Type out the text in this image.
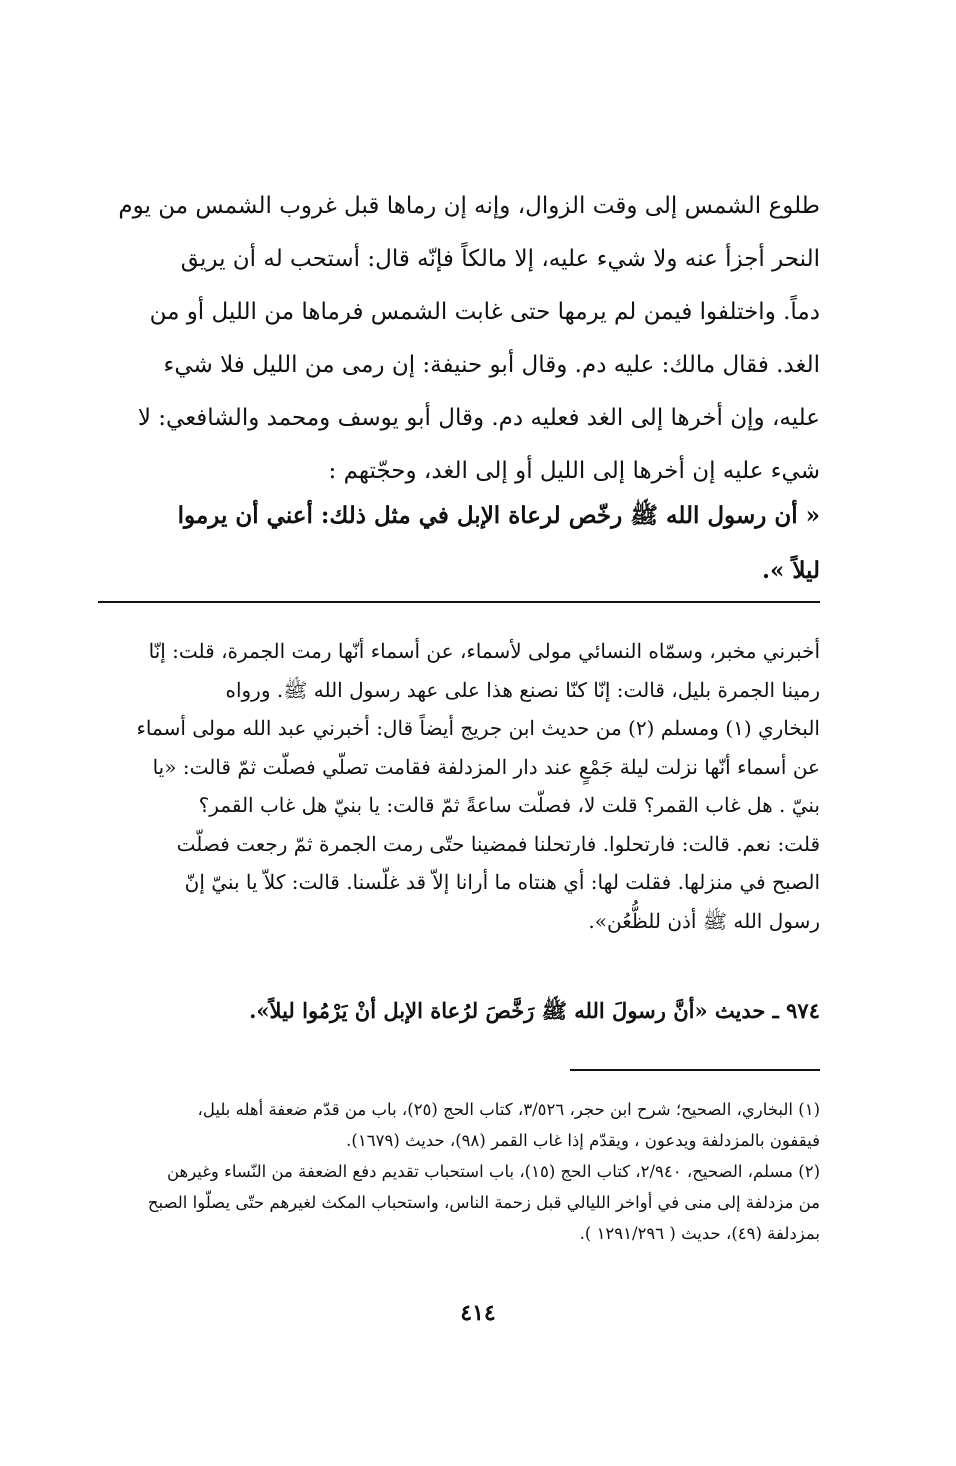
طلوع الشمس إلى وقت الزوال، وإنه إن رماها قبل غروب الشمس من يوم

النحر أجزأ عنه ولا شيء عليه، إلا مالكاً فإنّه قال: أستحب له أن يريق

دماً. واختلفوا فيمن لم يرمها حتى غابت الشمس فرماها من الليل أو من

الغد. فقال مالك: عليه دم. وقال أبو حنيفة: إن رمى من الليل فلا شيء

عليه، وإن أخرها إلى الغد فعليه دم. وقال أبو يوسف ومحمد والشافعي: لا

شيء عليه إن أخرها إلى الليل أو إلى الغد، وحجّتهم :

« أن رسول الله ﷺ رخّص لرعاة الإبل في مثل ذلك: أعني أن يرموا

ليلاً ».

أخبرني مخبر، وسمّاه النسائي مولى لأسماء، عن أسماء أنّها رمت الجمرة، قلت: إنّا

رمينا الجمرة بليل، قالت: إنّا كنّا نصنع هذا على عهد رسول الله ﷺ. ورواه

البخاري (١) ومسلم (٢) من حديث ابن جريج أيضاً قال: أخبرني عبد الله مولى أسماء

عن أسماء أنّها نزلت ليلة جَمْعٍ عند دار المزدلفة فقامت تصلّي فصلّت ثمّ قالت: «يا

بنيّ . هل غاب القمر؟ قلت لا، فصلّت ساعةً ثمّ قالت: يا بنيّ هل غاب القمر؟

قلت: نعم. قالت: فارتحلوا. فارتحلنا فمضينا حتّى رمت الجمرة ثمّ رجعت فصلّت

الصبح في منزلها. فقلت لها: أي هنتاه ما أرانا إلاّ قد غلّسنا. قالت: كلاّ يا بنيّ إنّ

رسول الله ﷺ أذن للظُّعُن».

٩٧٤ ـ حديث «أنَّ رسولَ الله ﷺ رَخَّصَ لرُعاة الإبل أنْ يَرْمُوا ليلاً».

(١) البخاري، الصحيح؛ شرح ابن حجر، ٣/٥٢٦، كتاب الحج (٢٥)، باب من قدّم ضعفة أهله بليل،

فيقفون بالمزدلفة ويدعون ، ويقدّم إذا غاب القمر (٩٨)، حديث (١٦٧٩).

(٢) مسلم، الصحيح، ٢/٩٤٠، كتاب الحج (١٥)، باب استحباب تقديم دفع الضعفة من النّساء وغيرهن

من مزدلفة إلى منى في أواخر الليالي قبل زحمة الناس، واستحباب المكث لغيرهم حتّى يصلّوا الصبح

بمزدلفة (٤٩)، حديث ( ١٢٩١/٢٩٦ ).

٤١٤
